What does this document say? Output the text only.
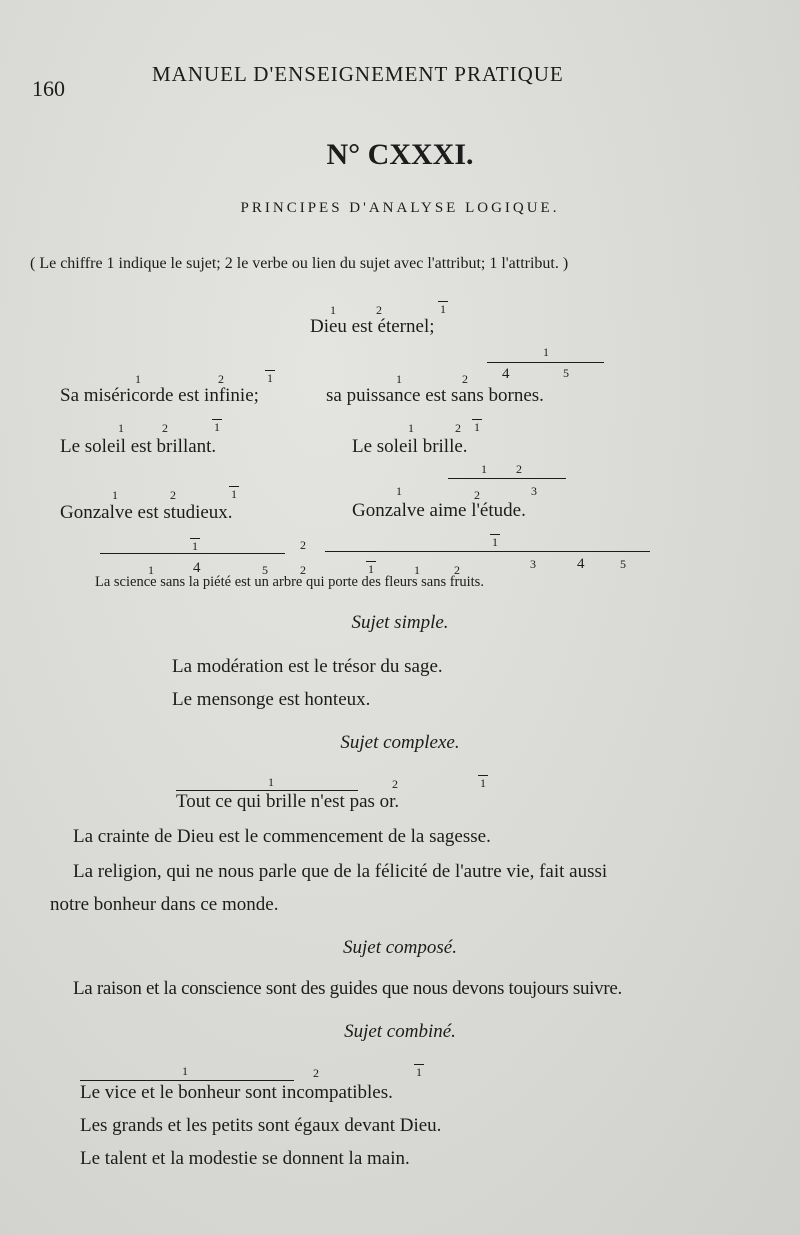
160
MANUEL D'ENSEIGNEMENT PRATIQUE
N° CXXXI.
PRINCIPES D'ANALYSE LOGIQUE.
( Le chiffre 1 indique le sujet; 2 le verbe ou lien du sujet avec l'attribut; 1 l'attribut. )
1	2	1
Dieu est éternel;
1
1	2	1	1	2 4	5
Sa miséricorde est infinie;	sa puissance est sans bornes.
1	2	1	1	2 1
Le soleil est brillant.	Le soleil brille.
1 2
1	2	1	1	2	3
Gonzalve est studieux.	Gonzalve aime l'étude.
1	2	1
1	4	5	2	1	1	2	3	4	5
La science sans la piété est un arbre qui porte des fleurs sans fruits.
Sujet simple.
La modération est le trésor du sage.
Le mensonge est honteux.
Sujet complexe.
1	2	1
Tout ce qui brille n'est pas or.
La crainte de Dieu est le commencement de la sagesse.
La religion, qui ne nous parle que de la félicité de l'autre vie, fait aussi
notre bonheur dans ce monde.
Sujet composé.
La raison et la conscience sont des guides que nous devons toujours suivre.
Sujet combiné.
1	2	1
Le vice et le bonheur sont incompatibles.
Les grands et les petits sont égaux devant Dieu.
Le talent et la modestie se donnent la main.
